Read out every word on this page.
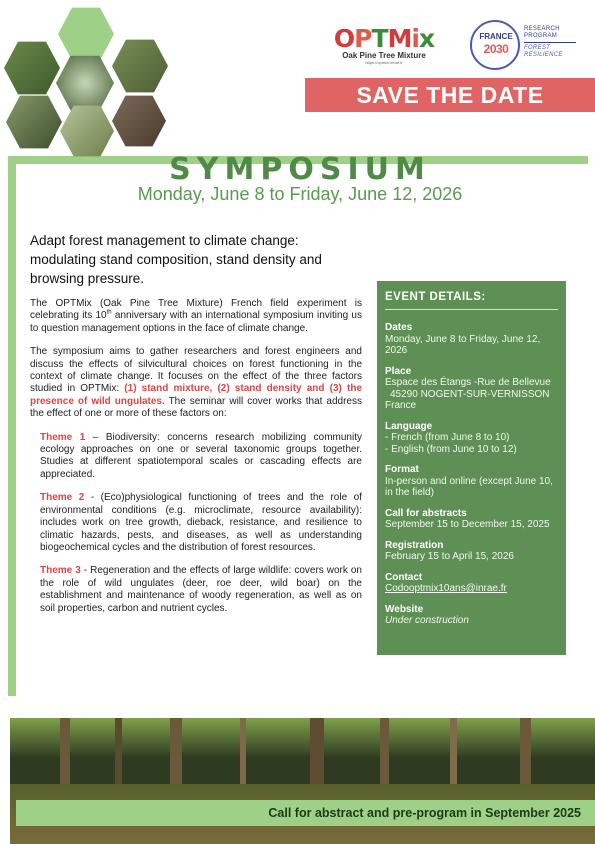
OPTMix
Oak Pine Tree Mixture
https://optmix.inrae.fr
FRANCE
2030
RESEARCH
PROGRAM
FOREST
RESILIENCE
SAVE THE DATE
SYMPOSIUM
Monday, June 8 to Friday, June 12, 2026
Adapt forest management to climate change: modulating stand composition, stand density and browsing pressure.

The OPTMix (Oak Pine Tree Mixture) French field experiment is celebrating its 10th anniversary with an international symposium inviting us to question management options in the face of climate change.

The symposium aims to gather researchers and forest engineers and discuss the effects of silvicultural choices on forest functioning in the context of climate change. It focuses on the effect of the three factors studied in OPTMix: (1) stand mixture, (2) stand density and (3) the presence of wild ungulates. The seminar will cover works that address the effect of one or more of these factors on:

Theme 1 – Biodiversity: concerns research mobilizing community ecology approaches on one or several taxonomic groups together. Studies at different spatiotemporal scales or cascading effects are appreciated.

Theme 2 - (Eco)physiological functioning of trees and the role of environmental conditions (e.g. microclimate, resource availability): includes work on tree growth, dieback, resistance, and resilience to climatic hazards, pests, and diseases, as well as understanding biogeochemical cycles and the distribution of forest resources.

Theme 3 - Regeneration and the effects of large wildlife: covers work on the role of wild ungulates (deer, roe deer, wild boar) on the establishment and maintenance of woody regeneration, as well as on soil properties, carbon and nutrient cycles.

EVENT DETAILS:
Dates
Monday, June 8 to Friday, June 12, 2026
Place
Espace des Étangs -Rue de Bellevue
45290 NOGENT-SUR-VERNISSON
France
Language
- French (from June 8 to 10)
- English (from June 10 to 12)
Format
In-person and online (except June 10, in the field)
Call for abstracts
September 15 to December 15, 2025
Registration
February 15 to April 15, 2026
Contact
Codooptmix10ans@inrae.fr
Website
Under construction
Call for abstract and pre-program in September 2025
